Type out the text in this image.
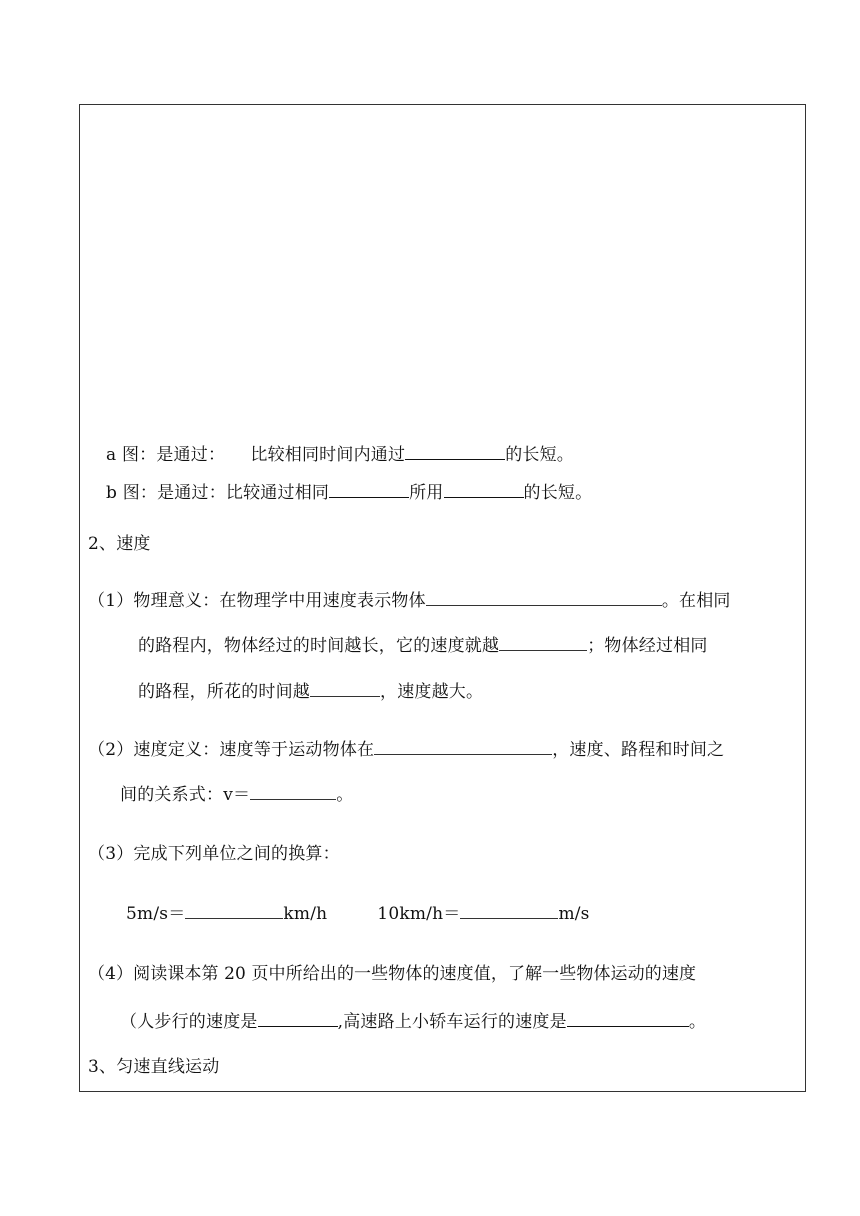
a 图：是通过： 比较相同时间内通过	的长短。
b 图：是通过：比较通过相同	所用	的长短。
2、速度
（1）物理意义：在物理学中用速度表示物体	。在相同
的路程内，物体经过的时间越长，它的速度就越	；物体经过相同
的路程，所花的时间越	，速度越大。
（2）速度定义：速度等于运动物体在	，速度、路程和时间之
间的关系式：v＝	。
（3）完成下列单位之间的换算：
5m/s＝	km/h	10km/h＝	m/s
（4）阅读课本第 20 页中所给出的一些物体的速度值，了解一些物体运动的速度
（人步行的速度是	,高速路上小轿车运行的速度是	。
3、匀速直线运动
